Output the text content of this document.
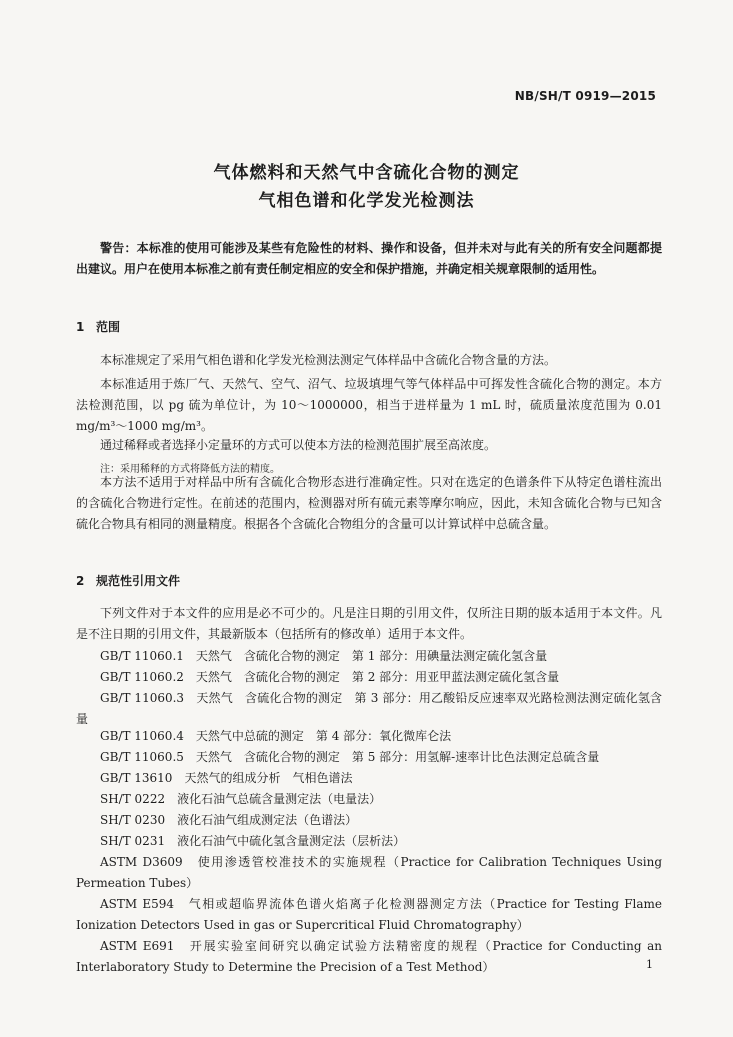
NB/SH/T 0919—2015
气体燃料和天然气中含硫化合物的测定
气相色谱和化学发光检测法
警告：本标准的使用可能涉及某些有危险性的材料、操作和设备，但并未对与此有关的所有安全问题都提出建议。用户在使用本标准之前有责任制定相应的安全和保护措施，并确定相关规章限制的适用性。
1 范围

本标准规定了采用气相色谱和化学发光检测法测定气体样品中含硫化合物含量的方法。

本标准适用于炼厂气、天然气、空气、沼气、垃圾填埋气等气体样品中可挥发性含硫化合物的测定。本方法检测范围，以 pg 硫为单位计，为 10～1000000，相当于进样量为 1 mL 时，硫质量浓度范围为 0.01 mg/m³～1000 mg/m³。

通过稀释或者选择小定量环的方式可以使本方法的检测范围扩展至高浓度。

注：采用稀释的方式将降低方法的精度。

本方法不适用于对样品中所有含硫化合物形态进行准确定性。只对在选定的色谱条件下从特定色谱柱流出的含硫化合物进行定性。在前述的范围内，检测器对所有硫元素等摩尔响应，因此，未知含硫化合物与已知含硫化合物具有相同的测量精度。根据各个含硫化合物组分的含量可以计算试样中总硫含量。

2 规范性引用文件

下列文件对于本文件的应用是必不可少的。凡是注日期的引用文件，仅所注日期的版本适用于本文件。凡是不注日期的引用文件，其最新版本（包括所有的修改单）适用于本文件。

GB/T 11060.1　天然气　含硫化合物的测定　第 1 部分：用碘量法测定硫化氢含量

GB/T 11060.2　天然气　含硫化合物的测定　第 2 部分：用亚甲蓝法测定硫化氢含量

GB/T 11060.3　天然气　含硫化合物的测定　第 3 部分：用乙酸铅反应速率双光路检测法测定硫化氢含量

GB/T 11060.4　天然气中总硫的测定　第 4 部分：氧化微库仑法

GB/T 11060.5　天然气　含硫化合物的测定　第 5 部分：用氢解-速率计比色法测定总硫含量

GB/T 13610　天然气的组成分析　气相色谱法

SH/T 0222　液化石油气总硫含量测定法（电量法）

SH/T 0230　液化石油气组成测定法（色谱法）

SH/T 0231　液化石油气中硫化氢含量测定法（层析法）

ASTM D3609　使用渗透管校准技术的实施规程（Practice for Calibration Techniques Using Permeation Tubes）

ASTM E594　气相或超临界流体色谱火焰离子化检测器测定方法（Practice for Testing Flame Ionization Detectors Used in gas or Supercritical Fluid Chromatography）

ASTM E691　开展实验室间研究以确定试验方法精密度的规程（Practice for Conducting an Interlaboratory Study to Determine the Precision of a Test Method）	1
